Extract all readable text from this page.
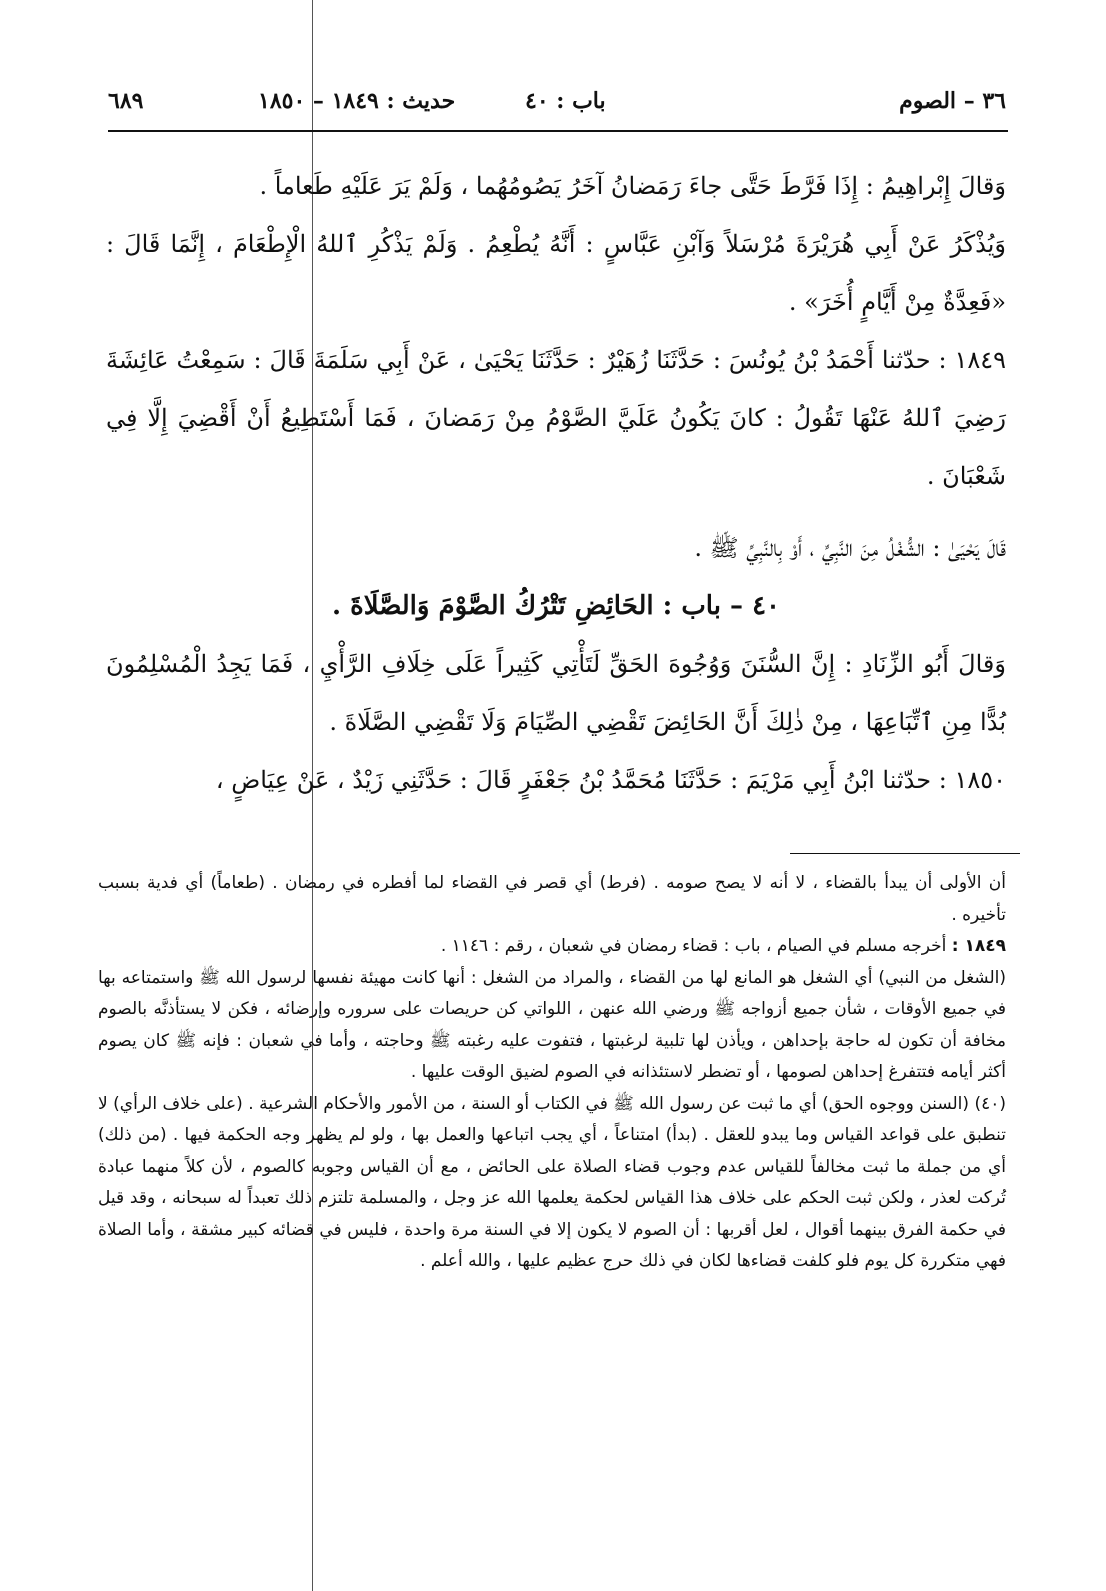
٣٦ – الصوم
باب : ٤٠
حديث : ١٨٤٩ – ١٨٥٠
٦٨٩

وَقالَ إِبْراهِيمُ : إِذَا فَرَّطَ حَتَّى جاءَ رَمَضانُ آخَرُ يَصُومُهُما ، وَلَمْ يَرَ عَلَيْهِ طَعاماً .

وَيُذْكَرُ عَنْ أَبِي هُرَيْرَةَ مُرْسَلاً وَآبْنِ عَبَّاسٍ : أَنَّهُ يُطْعِمُ . وَلَمْ يَذْكُرِ ٱللهُ الْإِطْعَامَ ، إِنَّمَا قَالَ : «فَعِدَّةٌ مِنْ أَيَّامٍ أُخَرَ» .

١٨٤٩ : حدّثنا أَحْمَدُ بْنُ يُونُسَ : حَدَّثَنَا زُهَيْرٌ : حَدَّثَنَا يَحْيَىٰ ، عَنْ أَبِي سَلَمَةَ قَالَ : سَمِعْتُ عَائِشَةَ رَضِيَ ٱللهُ عَنْهَا تَقُولُ : كانَ يَكُونُ عَلَيَّ الصَّوْمُ مِنْ رَمَضانَ ، فَمَا أَسْتَطِيعُ أَنْ أَقْضِيَ إِلَّا فِي شَعْبَانَ .

قَالَ يَحْيَىٰ : الشُّغْلُ مِنَ النَّبِيِّ ، أَوْ بِالنَّبِيِّ ﷺ .

٤٠ – باب : الحَائِضِ تَتْرُكُ الصَّوْمَ وَالصَّلَاةَ .

وَقالَ أَبُو الزِّنَادِ : إِنَّ السُّنَنَ وَوُجُوهَ الحَقِّ لَتَأْتِي كَثِيراً عَلَى خِلَافِ الرَّأْيِ ، فَمَا يَجِدُ الْمُسْلِمُونَ بُدًّا مِنِ ٱتِّبَاعِهَا ، مِنْ ذٰلِكَ أَنَّ الحَائِضَ تَقْضِي الصِّيَامَ وَلَا تَقْضِي الصَّلَاةَ .

١٨٥٠ : حدّثنا ابْنُ أَبِي مَرْيَمَ : حَدَّثَنَا مُحَمَّدُ بْنُ جَعْفَرٍ قَالَ : حَدَّثَنِي زَيْدٌ ، عَنْ عِيَاضٍ ،

أن الأولى أن يبدأ بالقضاء ، لا أنه لا يصح صومه . (فرط) أي قصر في القضاء لما أفطره في رمضان . (طعاماً) أي فدية بسبب تأخيره .

١٨٤٩ : أخرجه مسلم في الصيام ، باب : قضاء رمضان في شعبان ، رقم : ١١٤٦ .

(الشغل من النبي) أي الشغل هو المانع لها من القضاء ، والمراد من الشغل : أنها كانت مهيئة نفسها لرسول الله ﷺ واستمتاعه بها في جميع الأوقات ، شأن جميع أزواجه ﷺ ورضي الله عنهن ، اللواتي كن حريصات على سروره وإرضائه ، فكن لا يستأذنَّه بالصوم مخافة أن تكون له حاجة بإحداهن ، ويأذن لها تلبية لرغبتها ، فتفوت عليه رغبته ﷺ وحاجته ، وأما في شعبان : فإنه ﷺ كان يصوم أكثر أيامه فتتفرغ إحداهن لصومها ، أو تضطر لاستئذانه في الصوم لضيق الوقت عليها .

(٤٠) (السنن ووجوه الحق) أي ما ثبت عن رسول الله ﷺ في الكتاب أو السنة ، من الأمور والأحكام الشرعية . (على خلاف الرأي) لا تنطبق على قواعد القياس وما يبدو للعقل . (بدأ) امتناعاً ، أي يجب اتباعها والعمل بها ، ولو لم يظهر وجه الحكمة فيها . (من ذلك) أي من جملة ما ثبت مخالفاً للقياس عدم وجوب قضاء الصلاة على الحائض ، مع أن القياس وجوبه كالصوم ، لأن كلاً منهما عبادة تُركت لعذر ، ولكن ثبت الحكم على خلاف هذا القياس لحكمة يعلمها الله عز وجل ، والمسلمة تلتزم ذلك تعبداً له سبحانه ، وقد قيل في حكمة الفرق بينهما أقوال ، لعل أقربها : أن الصوم لا يكون إلا في السنة مرة واحدة ، فليس في قضائه كبير مشقة ، وأما الصلاة فهي متكررة كل يوم فلو كلفت قضاءها لكان في ذلك حرج عظيم عليها ، والله أعلم .
